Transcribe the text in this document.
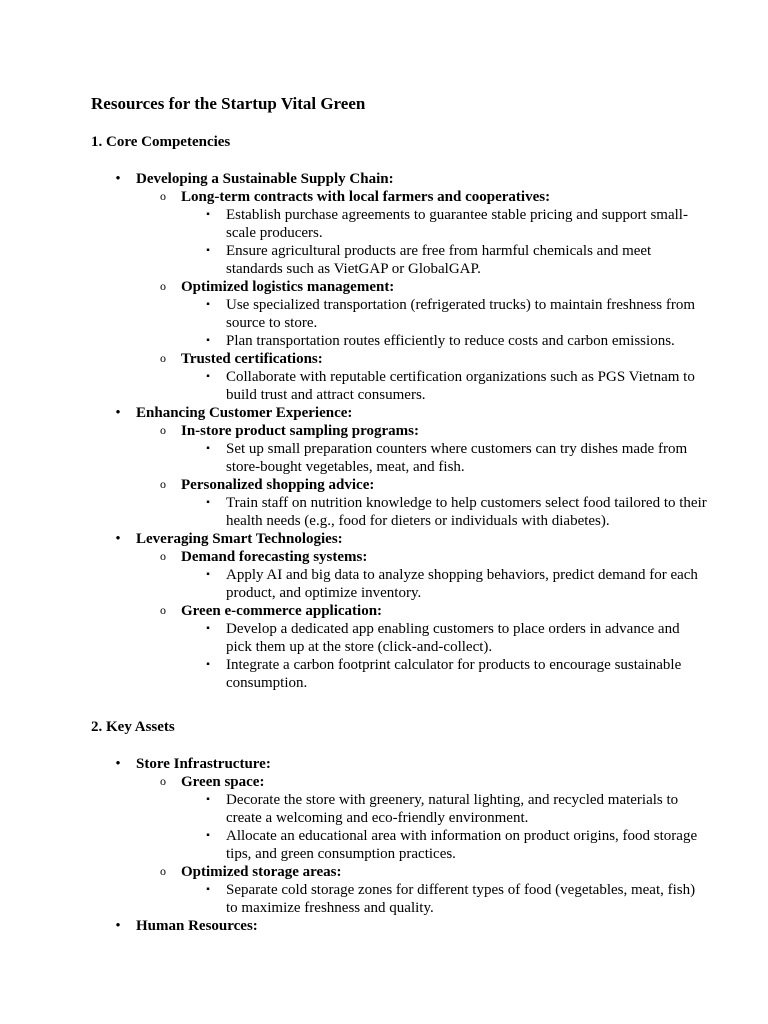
Resources for the Startup Vital Green
1. Core Competencies
• Developing a Sustainable Supply Chain:
o Long-term contracts with local farmers and cooperatives:
▪ Establish purchase agreements to guarantee stable pricing and support small-scale producers.
▪ Ensure agricultural products are free from harmful chemicals and meet standards such as VietGAP or GlobalGAP.
o Optimized logistics management:
▪ Use specialized transportation (refrigerated trucks) to maintain freshness from source to store.
▪ Plan transportation routes efficiently to reduce costs and carbon emissions.
o Trusted certifications:
▪ Collaborate with reputable certification organizations such as PGS Vietnam to build trust and attract consumers.
• Enhancing Customer Experience:
o In-store product sampling programs:
▪ Set up small preparation counters where customers can try dishes made from store-bought vegetables, meat, and fish.
o Personalized shopping advice:
▪ Train staff on nutrition knowledge to help customers select food tailored to their health needs (e.g., food for dieters or individuals with diabetes).
• Leveraging Smart Technologies:
o Demand forecasting systems:
▪ Apply AI and big data to analyze shopping behaviors, predict demand for each product, and optimize inventory.
o Green e-commerce application:
▪ Develop a dedicated app enabling customers to place orders in advance and pick them up at the store (click-and-collect).
▪ Integrate a carbon footprint calculator for products to encourage sustainable consumption.
2. Key Assets
• Store Infrastructure:
o Green space:
▪ Decorate the store with greenery, natural lighting, and recycled materials to create a welcoming and eco-friendly environment.
▪ Allocate an educational area with information on product origins, food storage tips, and green consumption practices.
o Optimized storage areas:
▪ Separate cold storage zones for different types of food (vegetables, meat, fish) to maximize freshness and quality.
• Human Resources:
